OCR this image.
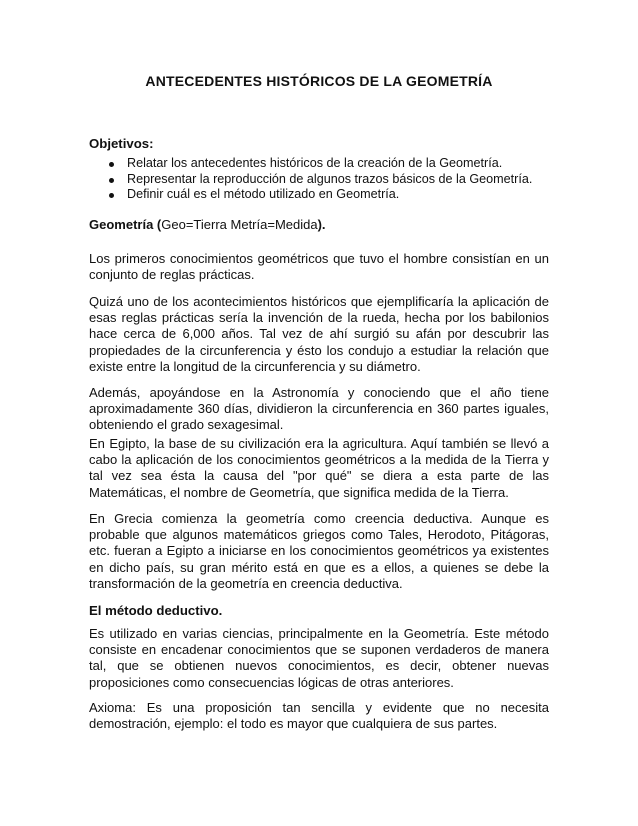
ANTECEDENTES HISTÓRICOS DE LA GEOMETRÍA

Objetivos:

Relatar los antecedentes históricos de la creación de la Geometría.
Representar la reproducción de algunos trazos básicos de la Geometría.
Definir cuál es el método utilizado en Geometría.

Geometría (Geo=Tierra Metría=Medida).

Los primeros conocimientos geométricos que tuvo el hombre consistían en un conjunto de reglas prácticas.

Quizá uno de los acontecimientos históricos que ejemplificaría la aplicación de esas reglas prácticas sería la invención de la rueda, hecha por los babilonios hace cerca de 6,000 años. Tal vez de ahí surgió su afán por descubrir las propiedades de la circunferencia y ésto los condujo a estudiar la relación que existe entre la longitud de la circunferencia y su diámetro.

Además, apoyándose en la Astronomía y conociendo que el año tiene aproximadamente 360 días, dividieron la circunferencia en 360 partes iguales, obteniendo el grado sexagesimal.

En Egipto, la base de su civilización era la agricultura. Aquí también se llevó a cabo la aplicación de los conocimientos geométricos a la medida de la Tierra y tal vez sea ésta la causa del "por qué" se diera a esta parte de las Matemáticas, el nombre de Geometría, que significa medida de la Tierra.

En Grecia comienza la geometría como creencia deductiva. Aunque es probable que algunos matemáticos griegos como Tales, Herodoto, Pitágoras, etc. fueran a Egipto a iniciarse en los conocimientos geométricos ya existentes en dicho país, su gran mérito está en que es a ellos, a quienes se debe la transformación de la geometría en creencia deductiva.

El método deductivo.

Es utilizado en varias ciencias, principalmente en la Geometría. Este método consiste en encadenar conocimientos que se suponen verdaderos de manera tal, que se obtienen nuevos conocimientos, es decir, obtener nuevas proposiciones como consecuencias lógicas de otras anteriores.

Axioma: Es una proposición tan sencilla y evidente que no necesita demostración, ejemplo: el todo es mayor que cualquiera de sus partes.
